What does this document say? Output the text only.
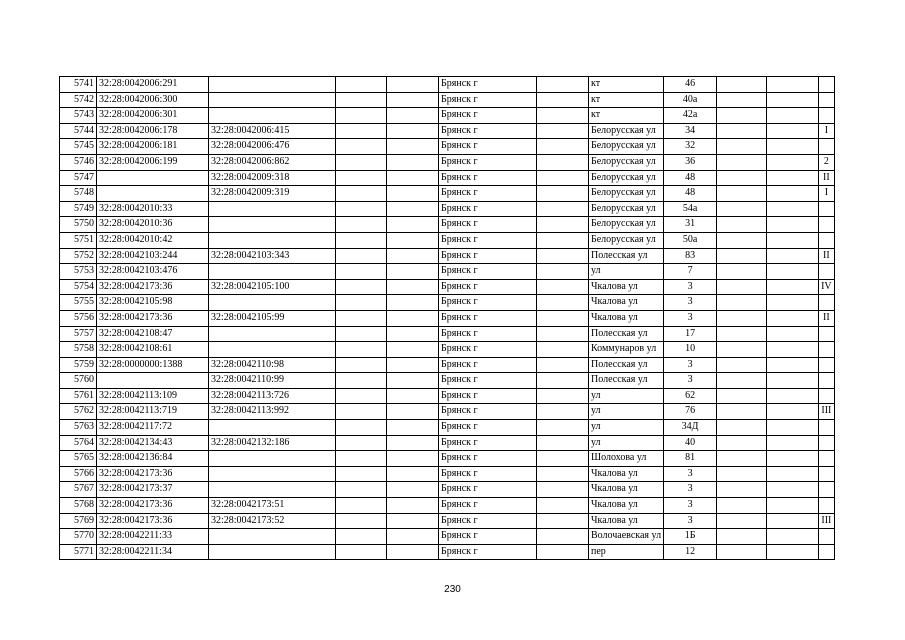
5741	32:28:0042006:291				Брянск г		кт	46			
5742	32:28:0042006:300				Брянск г		кт	40а			
5743	32:28:0042006:301				Брянск г		кт	42а			
5744	32:28:0042006:178	32:28:0042006:415			Брянск г		Белорусская ул	34			I
5745	32:28:0042006:181	32:28:0042006:476			Брянск г		Белорусская ул	32			
5746	32:28:0042006:199	32:28:0042006:862			Брянск г		Белорусская ул	36			2
5747		32:28:0042009:318			Брянск г		Белорусская ул	48			II
5748		32:28:0042009:319			Брянск г		Белорусская ул	48			I
5749	32:28:0042010:33				Брянск г		Белорусская ул	54а			
5750	32:28:0042010:36				Брянск г		Белорусская ул	31			
5751	32:28:0042010:42				Брянск г		Белорусская ул	50а			
5752	32:28:0042103:244	32:28:0042103:343			Брянск г		Полесская ул	83			II
5753	32:28:0042103:476				Брянск г		ул	7			
5754	32:28:0042173:36	32:28:0042105:100			Брянск г		Чкалова ул	3			IV
5755	32:28:0042105:98				Брянск г		Чкалова ул	3			
5756	32:28:0042173:36	32:28:0042105:99			Брянск г		Чкалова ул	3			II
5757	32:28:0042108:47				Брянск г		Полесская ул	17			
5758	32:28:0042108:61				Брянск г		Коммунаров ул	10			
5759	32:28:0000000:1388	32:28:0042110:98			Брянск г		Полесская ул	3			
5760		32:28:0042110:99			Брянск г		Полесская ул	3			
5761	32:28:0042113:109	32:28:0042113:726			Брянск г		ул	62			
5762	32:28:0042113:719	32:28:0042113:992			Брянск г		ул	76			III
5763	32:28:0042117:72				Брянск г		ул	34Д			
5764	32:28:0042134:43	32:28:0042132:186			Брянск г		ул	40			
5765	32:28:0042136:84				Брянск г		Шолохова ул	81			
5766	32:28:0042173:36				Брянск г		Чкалова ул	3			
5767	32:28:0042173:37				Брянск г		Чкалова ул	3			
5768	32:28:0042173:36	32:28:0042173:51			Брянск г		Чкалова ул	3			
5769	32:28:0042173:36	32:28:0042173:52			Брянск г		Чкалова ул	3			III
5770	32:28:0042211:33				Брянск г		Волочаевская ул	1Б			
5771	32:28:0042211:34				Брянск г		пер	12			
230
